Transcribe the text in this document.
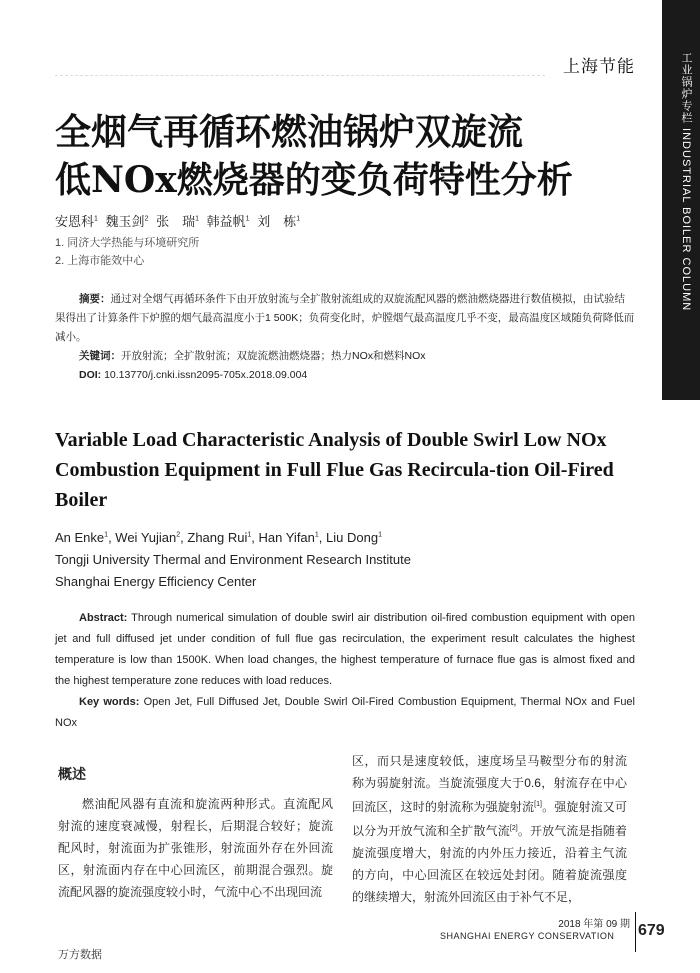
上海节能	工业锅炉专栏 INDUSTRIAL BOILER COLUMN
全烟气再循环燃油锅炉双旋流
低NOx燃烧器的变负荷特性分析
安恩科$^1$ 魏玉剑$^2$ 张　瑞$^1$ 韩益帆$^1$ 刘　栋$^1$
1. 同济大学热能与环境研究所
2. 上海市能效中心
摘要：通过对全烟气再循环条件下由开放射流与全扩散射流组成的双旋流配风器的燃油燃烧器进行数值模拟，由试验结果得出了计算条件下炉膛的烟气最高温度小于1 500K；负荷变化时，炉膛烟气最高温度几乎不变，最高温度区域随负荷降低而减小。
关键词：开放射流；全扩散射流；双旋流燃油燃烧器；热力NOx和燃料NOx
DOI: 10.13770/j.cnki.issn2095-705x.2018.09.004
Variable Load Characteristic Analysis of Double Swirl Low NOx Combustion Equipment in Full Flue Gas Recircula-tion Oil-Fired Boiler
An Enke$^1$, Wei Yujian$^2$, Zhang Rui$^1$, Han Yifan$^1$, Liu Dong$^1$
Tongji University Thermal and Environment Research Institute
Shanghai Energy Efficiency Center
Abstract: Through numerical simulation of double swirl air distribution oil-fired combustion equipment with open jet and full diffused jet under condition of full flue gas recirculation, the experiment result calculates the highest temperature is low than 1500K. When load changes, the highest temperature of furnace flue gas is almost fixed and the highest temperature zone reduces with load reduces.
Key words: Open Jet, Full Diffused Jet, Double Swirl Oil-Fired Combustion Equipment, Thermal NOx and Fuel NOx
概述
燃油配风器有直流和旋流两种形式。直流配风射流的速度衰减慢，射程长，后期混合较好；旋流配风时，射流面为扩张锥形，射流面外存在外回流区，射流面内存在中心回流区，前期混合强烈。旋流配风器的旋流强度较小时，气流中心不出现回流
区，而只是速度较低，速度场呈马鞍型分布的射流称为弱旋射流。当旋流强度大于0.6，射流存在中心回流区，这时的射流称为强旋射流[1]。强旋射流又可以分为开放气流和全扩散气流[2]。开放气流是指随着旋流强度增大，射流的内外压力接近，沿着主气流的方向，中心回流区在较远处封闭。随着旋流强度的继续增大，射流外回流区由于补气不足，
2018 年第 09 期
SHANGHAI ENERGY CONSERVATION 679
万方数据
